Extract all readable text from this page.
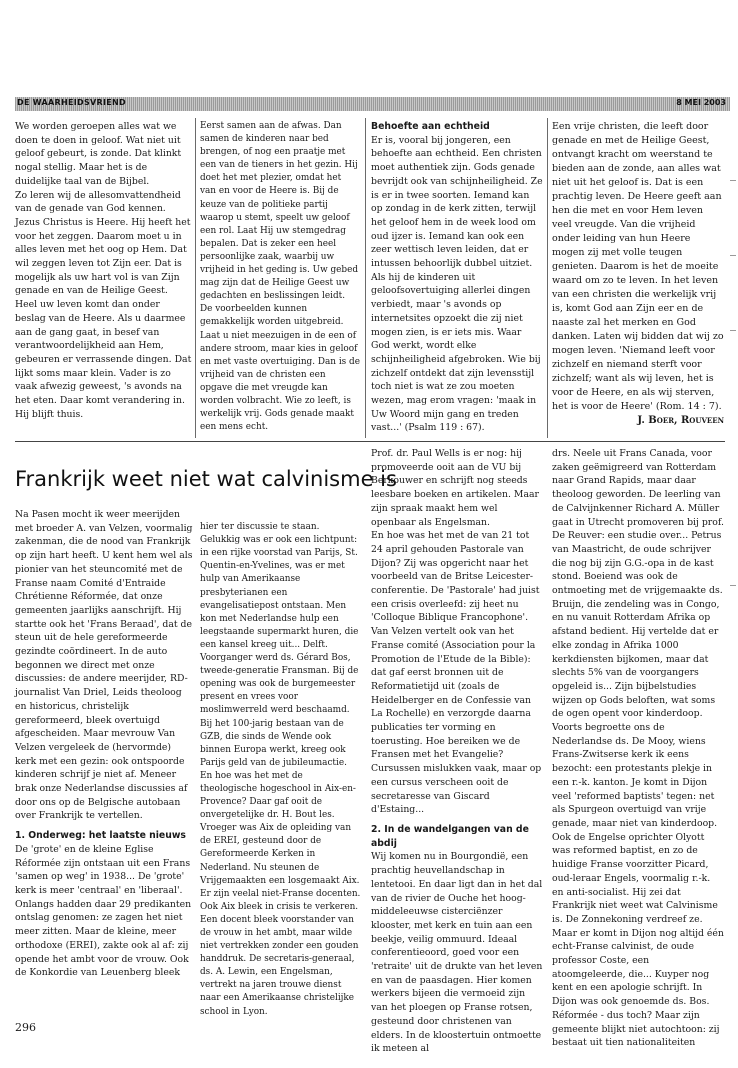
DE WAARHEIDSVRIEND	8 MEI 2003

We worden geroepen alles wat we doen te doen in geloof. Wat niet uit geloof gebeurt, is zonde. Dat klinkt nogal stellig. Maar het is de duidelijke taal van de Bijbel.

Zo leren wij de allesomvattendheid van de genade van God kennen. Jezus Christus is Heere. Hij heeft het voor het zeggen. Daarom moet u in alles leven met het oog op Hem. Dat wil zeggen leven tot Zijn eer. Dat is mogelijk als uw hart vol is van Zijn genade en van de Heilige Geest.

Heel uw leven komt dan onder beslag van de Heere. Als u daarmee aan de gang gaat, in besef van verantwoordelijkheid aan Hem, gebeuren er verrassende dingen. Dat lijkt soms maar klein. Vader is zo vaak afwezig geweest, 's avonds na het eten. Daar komt verandering in. Hij blijft thuis.

Eerst samen aan de afwas. Dan samen de kinderen naar bed brengen, of nog een praatje met een van de tieners in het gezin. Hij doet het met plezier, omdat het van en voor de Heere is. Bij de keuze van de politieke partij waarop u stemt, speelt uw geloof een rol. Laat Hij uw stemgedrag bepalen. Dat is zeker een heel persoonlijke zaak, waarbij uw vrijheid in het geding is. Uw gebed mag zijn dat de Heilige Geest uw gedachten en beslissingen leidt. De voorbeelden kunnen gemakkelijk worden uitgebreid. Laat u niet meezuigen in de een of andere stroom, maar kies in geloof en met vaste overtuiging. Dan is de vrijheid van de christen een opgave die met vreugde kan worden volbracht. Wie zo leeft, is werkelijk vrij. Gods genade maakt een mens echt.

Behoefte aan echtheid

Er is, vooral bij jongeren, een behoefte aan echtheid. Een christen moet authentiek zijn. Gods genade bevrijdt ook van schijnheiligheid. Ze is er in twee soorten. Iemand kan op zondag in de kerk zitten, terwijl het geloof hem in de week lood om oud ijzer is. Iemand kan ook een zeer wettisch leven leiden, dat er intussen behoorlijk dubbel uitziet. Als hij de kinderen uit geloofsovertuiging allerlei dingen verbiedt, maar 's avonds op internetsites opzoekt die zij niet mogen zien, is er iets mis. Waar God werkt, wordt elke schijnheiligheid afgebroken. Wie bij zichzelf ontdekt dat zijn levensstijl toch niet is wat ze zou moeten wezen, mag erom vragen: 'maak in Uw Woord mijn gang en treden vast...' (Psalm 119 : 67).

Een vrije christen, die leeft door genade en met de Heilige Geest, ontvangt kracht om weerstand te bieden aan de zonde, aan alles wat niet uit het geloof is. Dat is een prachtig leven. De Heere geeft aan hen die met en voor Hem leven veel vreugde. Van die vrijheid onder leiding van hun Heere mogen zij met volle teugen genieten. Daarom is het de moeite waard om zo te leven. In het leven van een christen die werkelijk vrij is, komt God aan Zijn eer en de naaste zal het merken en God danken. Laten wij bidden dat wij zo mogen leven. 'Niemand leeft voor zichzelf en niemand sterft voor zichzelf; want als wij leven, het is voor de Heere, en als wij sterven, het is voor de Heere' (Rom. 14 : 7).

J. Boer, Rouveen

Frankrijk weet niet wat calvinisme is

Na Pasen mocht ik weer meerijden met broeder A. van Velzen, voormalig zakenman, die de nood van Frankrijk op zijn hart heeft. U kent hem wel als pionier van het steuncomité met de Franse naam Comité d'Entraide Chrétienne Réformée, dat onze gemeenten jaarlijks aanschrijft. Hij startte ook het 'Frans Beraad', dat de steun uit de hele gereformeerde gezindte coördineert. In de auto begonnen we direct met onze discussies: de andere meerijder, RD-journalist Van Driel, Leids theoloog en historicus, christelijk gereformeerd, bleek overtuigd afgescheiden. Maar mevrouw Van Velzen vergeleek de (hervormde) kerk met een gezin: ook ontspoorde kinderen schrijf je niet af. Meneer brak onze Nederlandse discussies af door ons op de Belgische autobaan over Frankrijk te vertellen.

1. Onderweg: het laatste nieuws

De 'grote' en de kleine Eglise Réformée zijn ontstaan uit een Frans 'samen op weg' in 1938... De 'grote' kerk is meer 'centraal' en 'liberaal'. Onlangs hadden daar 29 predikanten ontslag genomen: ze zagen het niet meer zitten. Maar de kleine, meer orthodoxe (EREI), zakte ook al af: zij opende het ambt voor de vrouw. Ook de Konkordie van Leuenberg bleek

hier ter discussie te staan. Gelukkig was er ook een lichtpunt: in een rijke voorstad van Parijs, St. Quentin-en-Yvelines, was er met hulp van Amerikaanse presbyterianen een evangelisatiepost ontstaan. Men kon met Nederlandse hulp een leegstaande supermarkt huren, die een kansel kreeg uit... Delft. Voorganger werd ds. Gérard Bos, tweede-generatie Fransman. Bij de opening was ook de burgemeester present en vrees voor moslimwerreld werd beschaamd. Bij het 100-jarig bestaan van de GZB, die sinds de Wende ook binnen Europa werkt, kreeg ook Parijs geld van de jubileumactie.
En hoe was het met de theologische hogeschool in Aix-en-Provence? Daar gaf ooit de onvergetelijke dr. H. Bout les. Vroeger was Aix de opleiding van de EREI, gesteund door de Gereformeerde Kerken in Nederland. Nu steunen de Vrijgemaakten een losgemaakt Aix. Er zijn veelal niet-Franse docenten. Ook Aix bleek in crisis te verkeren. Een docent bleek voorstander van de vrouw in het ambt, maar wilde niet vertrekken zonder een gouden handdruk. De secretaris-generaal, ds. A. Lewin, een Engelsman, vertrekt na jaren trouwe dienst naar een Amerikaanse christelijke school in Lyon.

Prof. dr. Paul Wells is er nog: hij promoveerde ooit aan de VU bij Berkouwer en schrijft nog steeds leesbare boeken en artikelen. Maar zijn spraak maakt hem wel openbaar als Engelsman.
En hoe was het met de van 21 tot 24 april gehouden Pastorale van Dijon? Zij was opgericht naar het voorbeeld van de Britse Leicester-conferentie. De 'Pastorale' had juist een crisis overleefd: zij heet nu 'Colloque Biblique Francophone'. Van Velzen vertelt ook van het Franse comité (Association pour la Promotion de l'Etude de la Bible): dat gaf eerst bronnen uit de Reformatietijd uit (zoals de Heidelberger en de Confessie van La Rochelle) en verzorgde daarna publicaties ter vorming en toerusting. Hoe bereiken we de Fransen met het Evangelie? Cursussen mislukken vaak, maar op een cursus verscheen ooit de secretaresse van Giscard d'Estaing...

2. In de wandelgangen van de abdij

Wij komen nu in Bourgondië, een prachtig heuvellandschap in lentetooi. En daar ligt dan in het dal van de rivier de Ouche het hoog-middeleeuwse cisterciënzer klooster, met kerk en tuin aan een beekje, veilig ommuurd. Ideaal conferentieoord, goed voor een 'retraite' uit de drukte van het leven en van de paasdagen. Hier komen werkers bijeen die vermoeid zijn van het ploegen op Franse rotsen, gesteund door christenen van elders. In de kloostertuin ontmoette ik meteen al

drs. Neele uit Frans Canada, voor zaken geëmigreerd van Rotterdam naar Grand Rapids, maar daar theoloog geworden. De leerling van de Calvijnkenner Richard A. Müller gaat in Utrecht promoveren bij prof. De Reuver: een studie over... Petrus van Maastricht, de oude schrijver die nog bij zijn G.G.-opa in de kast stond. Boeiend was ook de ontmoeting met de vrijgemaakte ds. Bruijn, die zendeling was in Congo, en nu vanuit Rotterdam Afrika op afstand bedient. Hij vertelde dat er elke zondag in Afrika 1000 kerkdiensten bijkomen, maar dat slechts 5% van de voorgangers opgeleid is... Zijn bijbelstudies wijzen op Gods beloften, wat soms de ogen opent voor kinderdoop. Voorts begroette ons de Nederlandse ds. De Mooy, wiens Frans-Zwitserse kerk ik eens bezocht: een protestants plekje in een r.-k. kanton. Je komt in Dijon veel 'reformed baptists' tegen: net als Spurgeon overtuigd van vrije genade, maar niet van kinderdoop. Ook de Engelse oprichter Olyott was reformed baptist, en zo de huidige Franse voorzitter Picard, oud-leraar Engels, voormalig r.-k. en anti-socialist. Hij zei dat Frankrijk niet weet wat Calvinisme is. De Zonnekoning verdreef ze. Maar er komt in Dijon nog altijd één echt-Franse calvinist, de oude professor Coste, een atoomgeleerde, die... Kuyper nog kent en een apologie schrijft. In Dijon was ook genoemde ds. Bos. Réformée - dus toch? Maar zijn gemeente blijkt niet autochtoon: zij bestaat uit tien nationaliteiten

296
